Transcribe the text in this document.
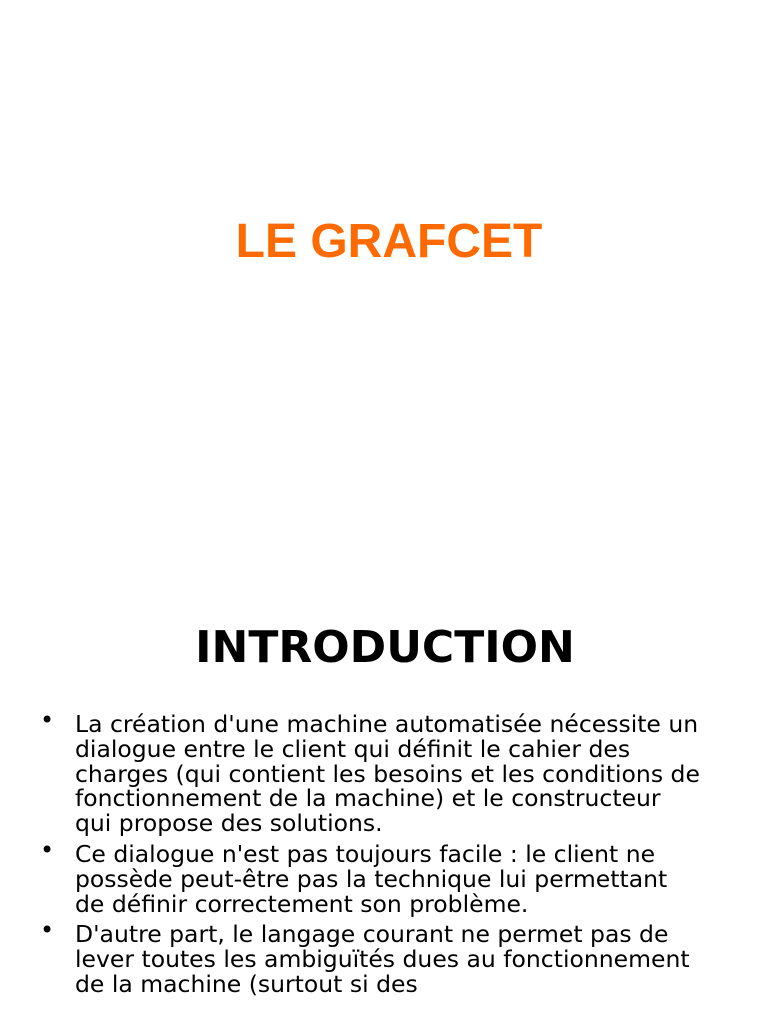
LE GRAFCET
INTRODUCTION
• La création d'une machine automatisée nécessite un dialogue entre le client qui définit le cahier des charges (qui contient les besoins et les conditions de fonctionnement de la machine) et le constructeur qui propose des solutions.
• Ce dialogue n'est pas toujours facile : le client ne possède peut-être pas la technique lui permettant de définir correctement son problème.
• D'autre part, le langage courant ne permet pas de lever toutes les ambiguïtés dues au fonctionnement de la machine (surtout si des
